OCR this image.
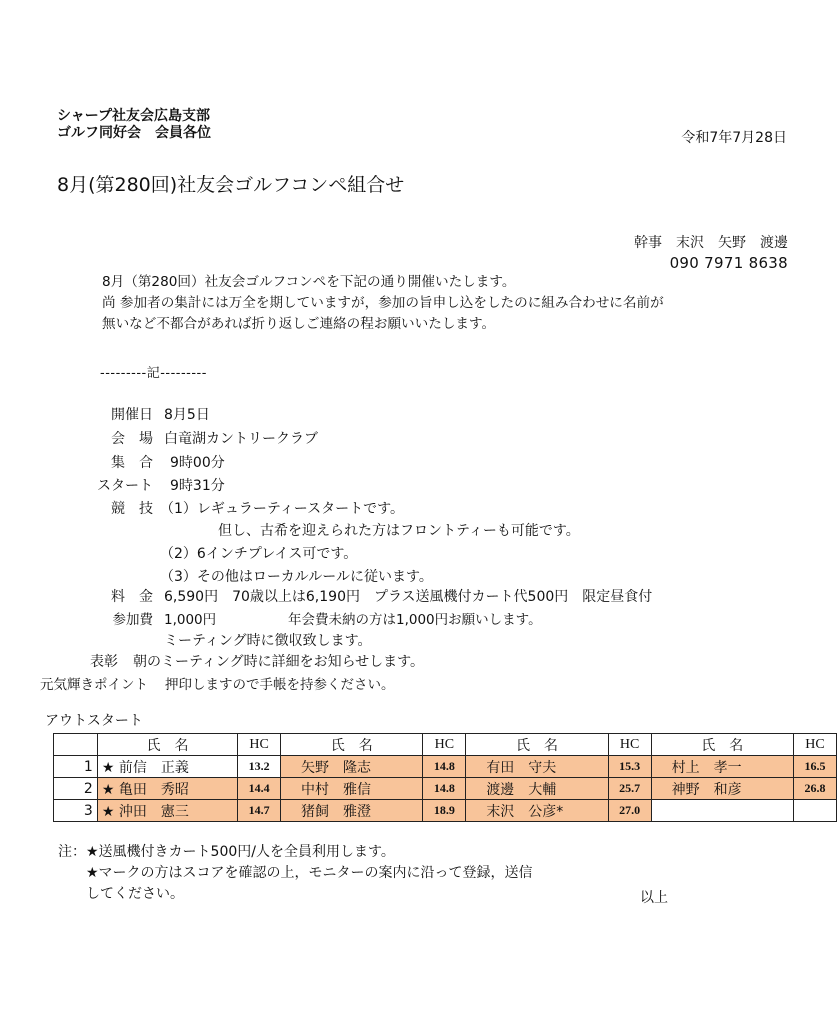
シャープ社友会広島支部
ゴルフ同好会　会員各位	令和7年7月28日
8月(第280回)社友会ゴルフコンペ組合せ
幹事　末沢　矢野　渡邊
090 7971 8638
8月（第280回）社友会ゴルフコンペを下記の通り開催いたします。
尚 参加者の集計には万全を期していますが，参加の旨申し込をしたのに組み合わせに名前が
無いなど不都合があれば折り返しご連絡の程お願いいたします。
---------記---------
開催日 8月5日
会　場 白竜湖カントリークラブ
集　合 9時00分
スタート 9時31分
競　技 （1）レギュラーティースタートです。
但し、古希を迎えられた方はフロントティーも可能です。
（2）6インチプレイス可です。
（3）その他はローカルルールに従います。
料　金 6,590円　70歳以上は6,190円　プラス送風機付カート代500円　限定昼食付
参加費 1,000円	年会費未納の方は1,000円お願いします。
ミーティング時に徴収致します。
表彰 朝のミーティング時に詳細をお知らせします。
元気輝きポイント 押印しますので手帳を持参ください。
アウトスタート
	氏　名	HC	氏　名	HC	氏　名	HC	氏　名	HC
1	★ 前信　正義	13.2	矢野　隆志	14.8	有田　守夫	15.3	村上　孝一	16.5
2	★ 亀田　秀昭	14.4	中村　雅信	14.8	渡邊　大輔	25.7	神野　和彦	26.8
3	★ 沖田　憲三	14.7	猪飼　雅澄	18.9	末沢　公彦*	27.0		
注：★送風機付きカート500円/人を全員利用します。
★マークの方はスコアを確認の上，モニターの案内に沿って登録，送信
してください。	以上
